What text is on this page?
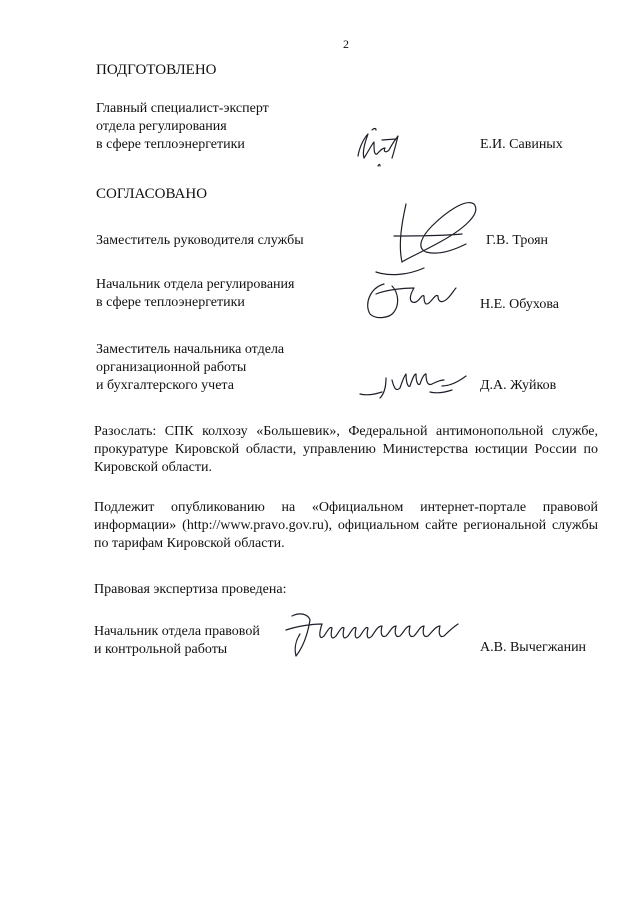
2
ПОДГОТОВЛЕНО
Главный специалист-эксперт
отдела регулирования
в сфере теплоэнергетики	Е.И. Савиных
СОГЛАСОВАНО
Заместитель руководителя службы	Г.В. Троян
Начальник отдела регулирования
в сфере теплоэнергетики	Н.Е. Обухова
Заместитель начальника отдела
организационной работы
и бухгалтерского учета	Д.А. Жуйков
Разослать: СПК колхозу «Большевик», Федеральной антимонопольной службе, прокуратуре Кировской области, управлению Министерства юстиции России по Кировской области.
Подлежит опубликованию на «Официальном интернет-портале правовой информации» (http://www.pravo.gov.ru), официальном сайте региональной службы по тарифам Кировской области.
Правовая экспертиза проведена:
Начальник отдела правовой
и контрольной работы	А.В. Вычегжанин
